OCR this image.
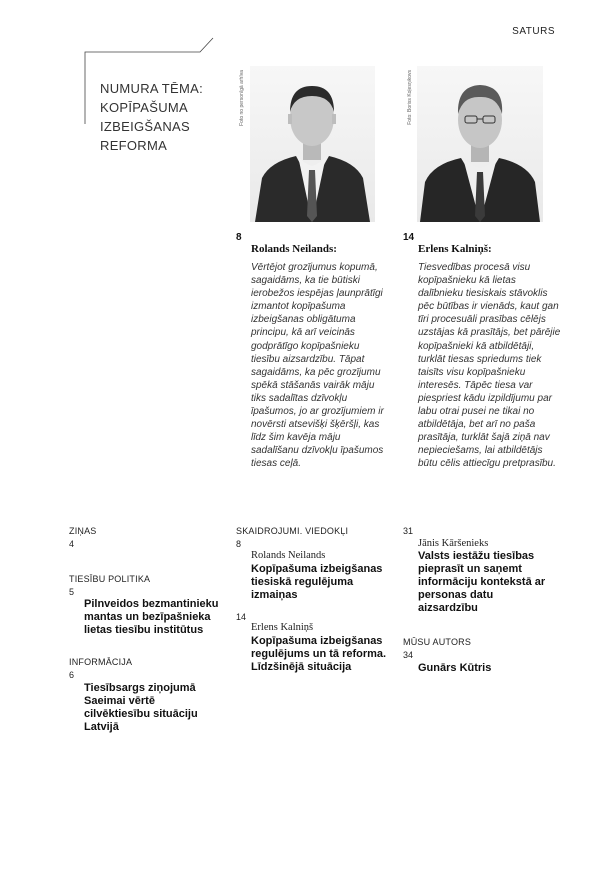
SATURS
NUMURA TĒMA:
KOPĪPAŠUMA
IZBEIGŠANAS
REFORMA
Foto no personīgā arhīva
8
Rolands Neilands:
Vērtējot grozījumus kopumā, sagaidāms, ka tie būtiski ierobežos iespējas ļaunprātīgi izmantot kopīpašuma izbeigšanas obligātuma principu, kā arī veicinās godprātīgo kopīpašnieku tiesību aizsardzību. Tāpat sagaidāms, ka pēc grozījumu spēkā stāšanās vairāk māju tiks sadalītas dzīvokļu īpašumos, jo ar grozījumiem ir novērsti atsevišķi šķēršļi, kas līdz šim kavēja māju sadalīšanu dzīvokļu īpašumos tiesas ceļā.
Foto: Boriss Koļesņikovs
14
Erlens Kalniņš:
Tiesvedības procesā visu kopīpašnieku kā lietas dalībnieku tiesiskais stāvoklis pēc būtības ir vienāds, kaut gan tīri procesuāli prasības cēlējs uzstājas kā prasītājs, bet pārējie kopīpašnieki kā atbildētāji, turklāt tiesas spriedums tiek taisīts visu kopīpašnieku interesēs. Tāpēc tiesa var piespriest kādu izpildījumu par labu otrai pusei ne tikai no atbildētāja, bet arī no paša prasītāja, turklāt šajā ziņā nav nepieciešams, lai atbildētājs būtu cēlis attiecīgu pretprasību.
ZIŅAS
4
TIESĪBU POLITIKA
5
Pilnveidos bezmantinieku mantas un bezīpašnieka lietas tiesību institūtus
INFORMĀCIJA
6
Tiesībsargs ziņojumā Saeimai vērtē cilvēktiesību situāciju Latvijā
SKAIDROJUMI. VIEDOKĻI
8
Rolands Neilands
Kopīpašuma izbeigšanas tiesiskā regulējuma izmaiņas
14
Erlens Kalniņš
Kopīpašuma izbeigšanas regulējums un tā reforma. Līdzšinējā situācija
31
Jānis Kāršenieks
Valsts iestāžu tiesības pieprasīt un saņemt informāciju kontekstā ar personas datu aizsardzību
MŪSU AUTORS
34
Gunārs Kūtris
